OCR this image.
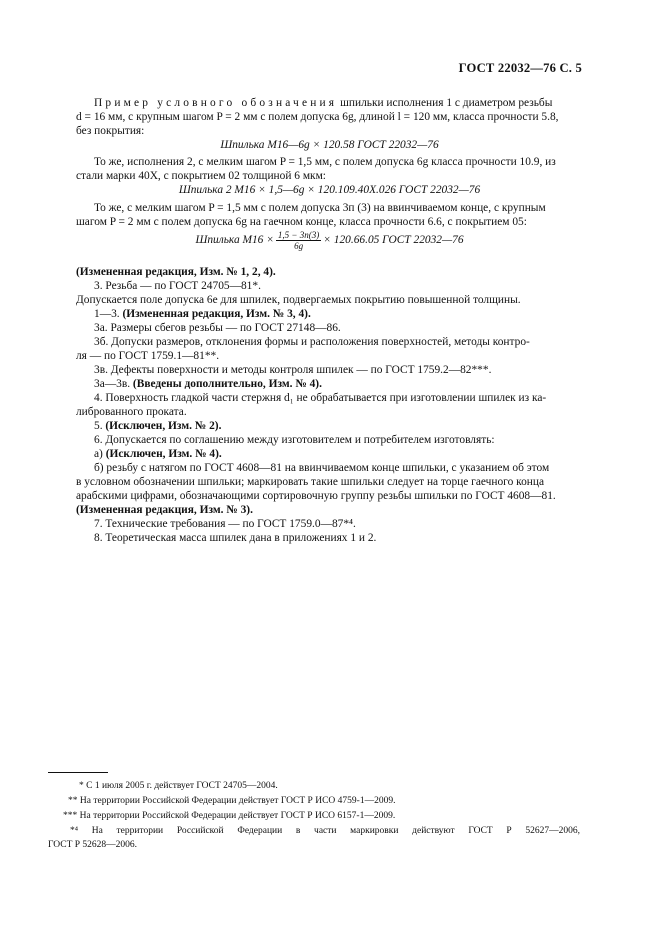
ГОСТ 22032—76 С. 5
Пример условного обозначения шпильки исполнения 1 с диаметром резьбы
d = 16 мм, с крупным шагом P = 2 мм с полем допуска 6g, длиной l = 120 мм, класса прочности 5.8,
без покрытия:
Шпилька М16—6g × 120.58 ГОСТ 22032—76
То же, исполнения 2, с мелким шагом P = 1,5 мм, с полем допуска 6g класса прочности 10.9, из
стали марки 40Х, с покрытием 02 толщиной 6 мкм:
Шпилька 2 М16 × 1,5—6g × 120.109.40Х.026 ГОСТ 22032—76
То же, с мелким шагом P = 1,5 мм с полем допуска 3п (3) на ввинчиваемом конце, с крупным
шагом P = 2 мм с полем допуска 6g на гаечном конце, класса прочности 6.6, с покрытием 05:
Шпилька $М16 \times \frac{1,5 - 3n(3)}{6g} \times 120.66.05$ ГОСТ 22032—76
(Измененная редакция, Изм. № 1, 2, 4).
3. Резьба — по ГОСТ 24705—81*.
Допускается поле допуска 6е для шпилек, подвергаемых покрытию повышенной толщины.
1—3. (Измененная редакция, Изм. № 3, 4).
3а. Размеры сбегов резьбы — по ГОСТ 27148—86.
3б. Допуски размеров, отклонения формы и расположения поверхностей, методы контро-
ля — по ГОСТ 1759.1—81**.
3в. Дефекты поверхности и методы контроля шпилек — по ГОСТ 1759.2—82***.
3а—3в. (Введены дополнительно, Изм. № 4).
4. Поверхность гладкой части стержня d₁ не обрабатывается при изготовлении шпилек из ка-
либрованного проката.
5. (Исключен, Изм. № 2).
6. Допускается по соглашению между изготовителем и потребителем изготовлять:
а) (Исключен, Изм. № 4).
б) резьбу с натягом по ГОСТ 4608—81 на ввинчиваемом конце шпильки, с указанием об этом
в условном обозначении шпильки; маркировать такие шпильки следует на торце гаечного конца
арабскими цифрами, обозначающими сортировочную группу резьбы шпильки по ГОСТ 4608—81.
(Измененная редакция, Изм. № 3).
7. Технические требования — по ГОСТ 1759.0—87*⁴.
8. Теоретическая масса шпилек дана в приложениях 1 и 2.
* С 1 июля 2005 г. действует ГОСТ 24705—2004.
** На территории Российской Федерации действует ГОСТ Р ИСО 4759-1—2009.
*** На территории Российской Федерации действует ГОСТ Р ИСО 6157-1—2009.
*⁴ На территории Российской Федерации в части маркировки действуют ГОСТ Р 52627—2006,
ГОСТ Р 52628—2006.
